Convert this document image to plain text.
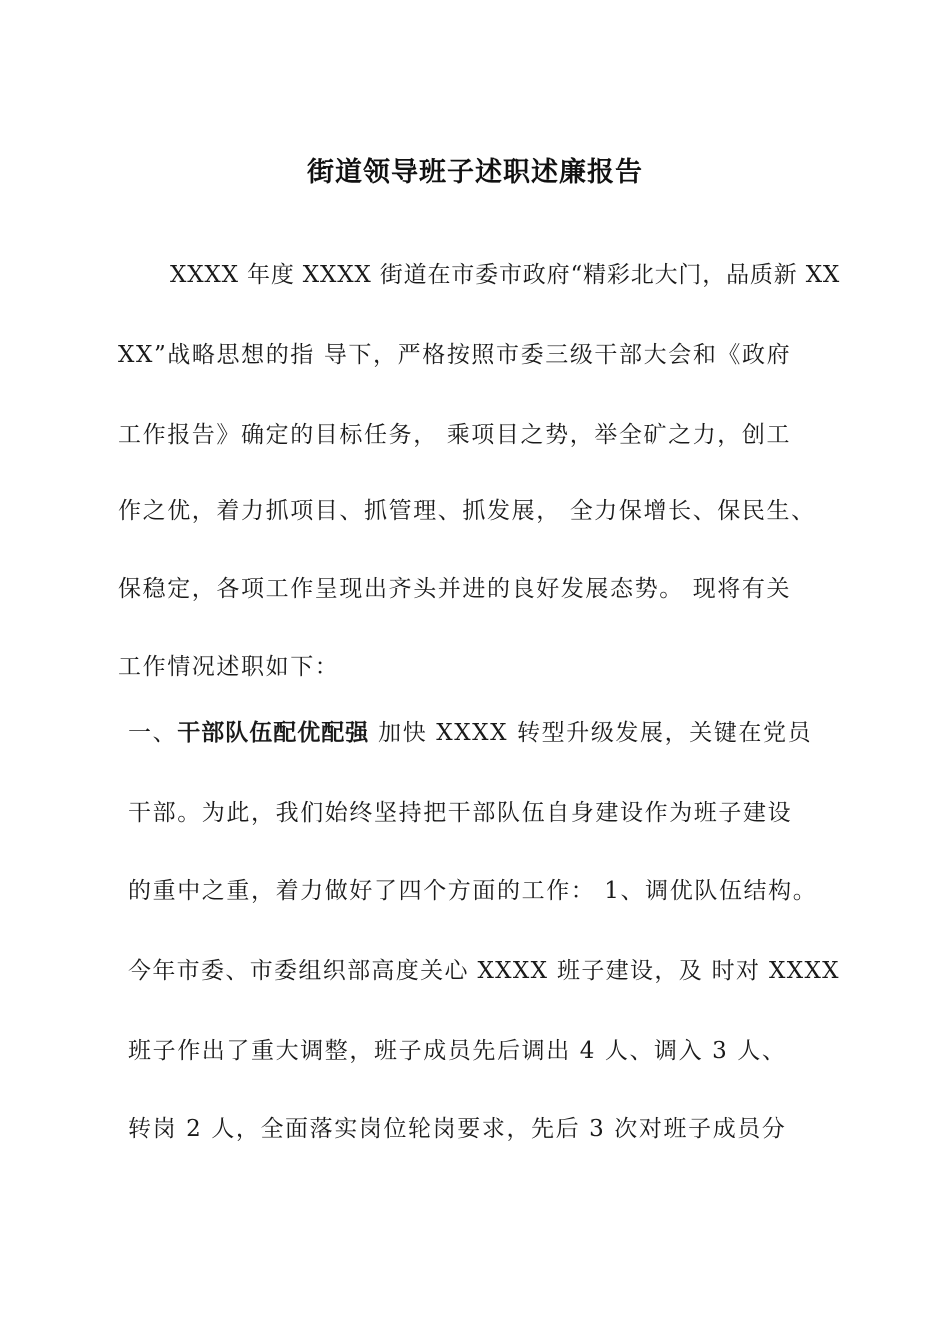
街道领导班子述职述廉报告
XXXX 年度 XXXX 街道在市委市政府“精彩北大门，品质新 XX
XX”战略思想的指 导下，严格按照市委三级干部大会和《政府
工作报告》确定的目标任务， 乘项目之势，举全矿之力，创工
作之优，着力抓项目、抓管理、抓发展， 全力保增长、保民生、
保稳定，各项工作呈现出齐头并进的良好发展态势。 现将有关
工作情况述职如下：
一、干部队伍配优配强 加快 XXXX 转型升级发展，关键在党员
干部。为此，我们始终坚持把干部队伍自身建设作为班子建设
的重中之重，着力做好了四个方面的工作： 1、调优队伍结构。
今年市委、市委组织部高度关心 XXXX 班子建设，及 时对 XXXX
班子作出了重大调整，班子成员先后调出 4 人、调入 3 人、
转岗 2 人，全面落实岗位轮岗要求，先后 3 次对班子成员分
